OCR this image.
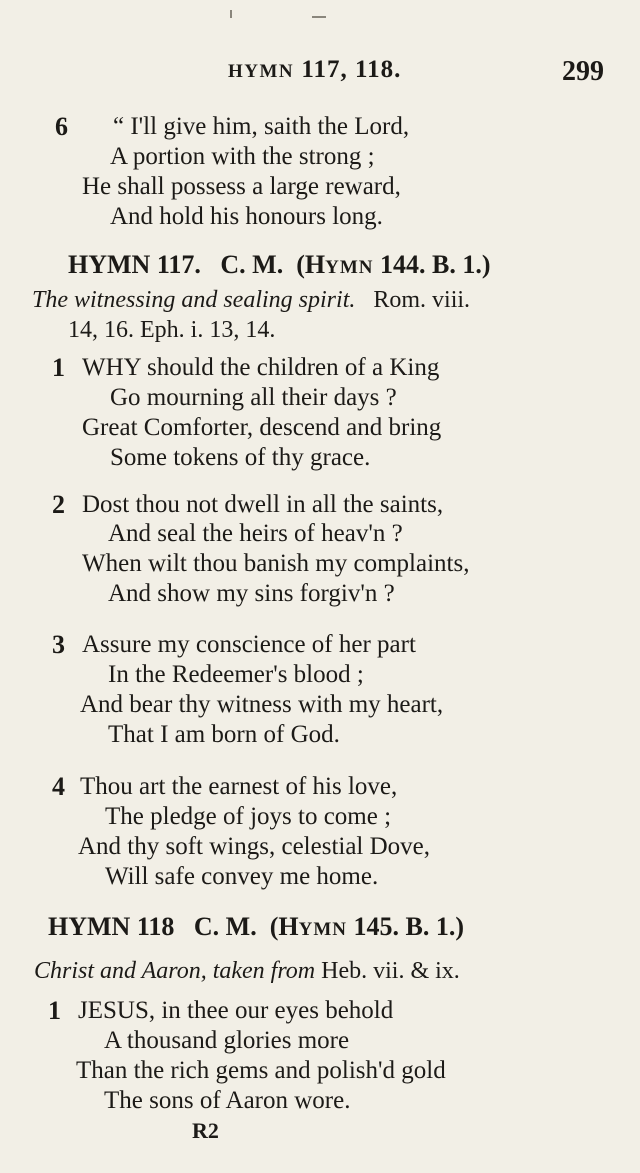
HYMN 117, 118.	299
6 “ I'll give him, saith the Lord,
A portion with the strong ;
He shall possess a large reward,
And hold his honours long.
HYMN 117. C. M. (HYMN 144. B. 1.)
The witnessing and sealing spirit. Rom. viii.
14, 16. Eph. i. 13, 14.
1 WHY should the children of a King
Go mourning all their days ?
Great Comforter, descend and bring
Some tokens of thy grace.
2 Dost thou not dwell in all the saints,
And seal the heirs of heav'n ?
When wilt thou banish my complaints,
And show my sins forgiv'n ?
3 Assure my conscience of her part
In the Redeemer's blood ;
And bear thy witness with my heart,
That I am born of God.
4 Thou art the earnest of his love,
The pledge of joys to come ;
And thy soft wings, celestial Dove,
Will safe convey me home.
HYMN 118 C. M. (HYMN 145. B. 1.)
Christ and Aaron, taken from Heb. vii. & ix.
1 JESUS, in thee our eyes behold
A thousand glories more
Than the rich gems and polish'd gold
The sons of Aaron wore.
R2
